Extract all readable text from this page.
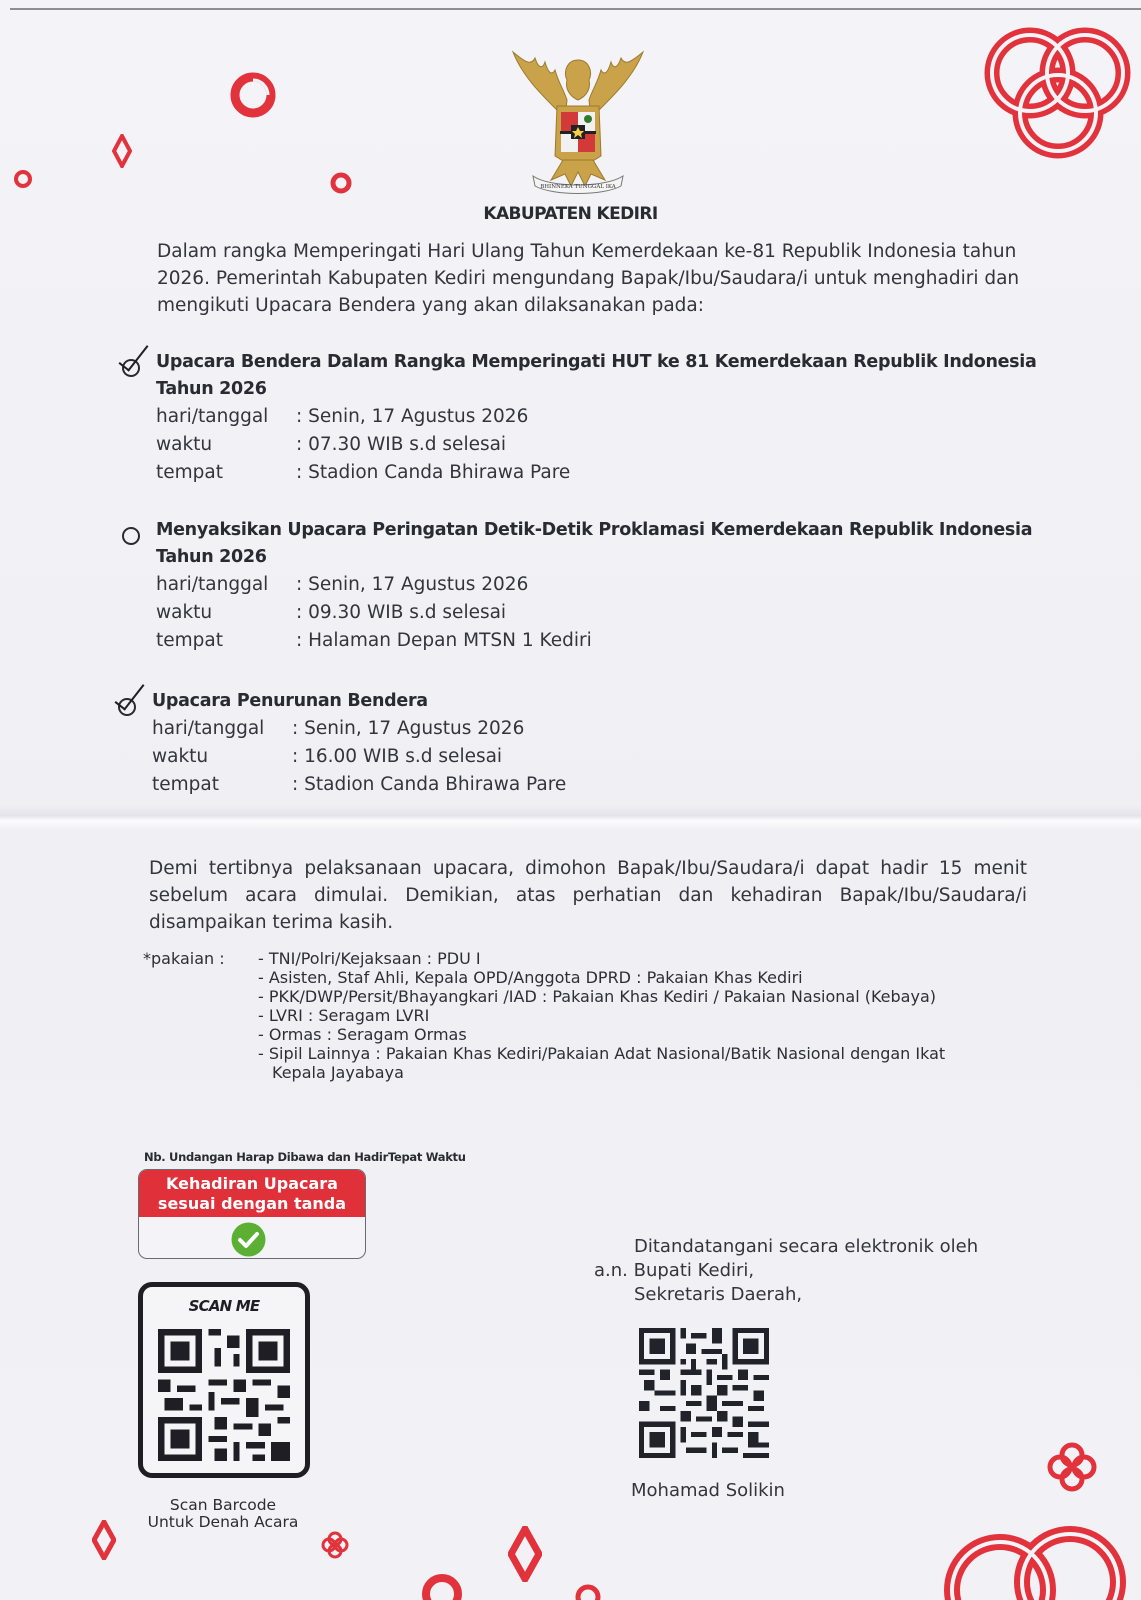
BHINNEKA TUNGGAL IKA
KABUPATEN KEDIRI
Dalam rangka Memperingati Hari Ulang Tahun Kemerdekaan ke-81 Republik Indonesia tahun 2026. Pemerintah Kabupaten Kediri mengundang Bapak/Ibu/Saudara/i untuk menghadiri dan mengikuti Upacara Bendera yang akan dilaksanakan pada:
Upacara Bendera Dalam Rangka Memperingati HUT ke 81 Kemerdekaan Republik Indonesia Tahun 2026
hari/tanggal	: Senin, 17 Agustus 2026
waktu	: 07.30 WIB s.d selesai
tempat	: Stadion Canda Bhirawa Pare
Menyaksikan Upacara Peringatan Detik-Detik Proklamasi Kemerdekaan Republik Indonesia Tahun 2026
hari/tanggal	: Senin, 17 Agustus 2026
waktu	: 09.30 WIB s.d selesai
tempat	: Halaman Depan MTSN 1 Kediri
Upacara Penurunan Bendera
hari/tanggal	: Senin, 17 Agustus 2026
waktu	: 16.00 WIB s.d selesai
tempat	: Stadion Canda Bhirawa Pare
Demi tertibnya pelaksanaan upacara, dimohon Bapak/Ibu/Saudara/i dapat hadir 15 menit sebelum acara dimulai. Demikian, atas perhatian dan kehadiran Bapak/Ibu/Saudara/i disampaikan terima kasih.
*pakaian : - TNI/Polri/Kejaksaan : PDU I
- Asisten, Staf Ahli, Kepala OPD/Anggota DPRD : Pakaian Khas Kediri
- PKK/DWP/Persit/Bhayangkari /IAD : Pakaian Khas Kediri / Pakaian Nasional (Kebaya)
- LVRI : Seragam LVRI
- Ormas : Seragam Ormas
- Sipil Lainnya : Pakaian Khas Kediri/Pakaian Adat Nasional/Batik Nasional dengan Ikat Kepala Jayabaya
Nb. Undangan Harap Dibawa dan HadirTepat Waktu
Kehadiran Upacara
sesuai dengan tanda
SCAN ME
Scan Barcode
Untuk Denah Acara
Ditandatangani secara elektronik oleh
a.n. Bupati Kediri,
Sekretaris Daerah,
Mohamad Solikin
